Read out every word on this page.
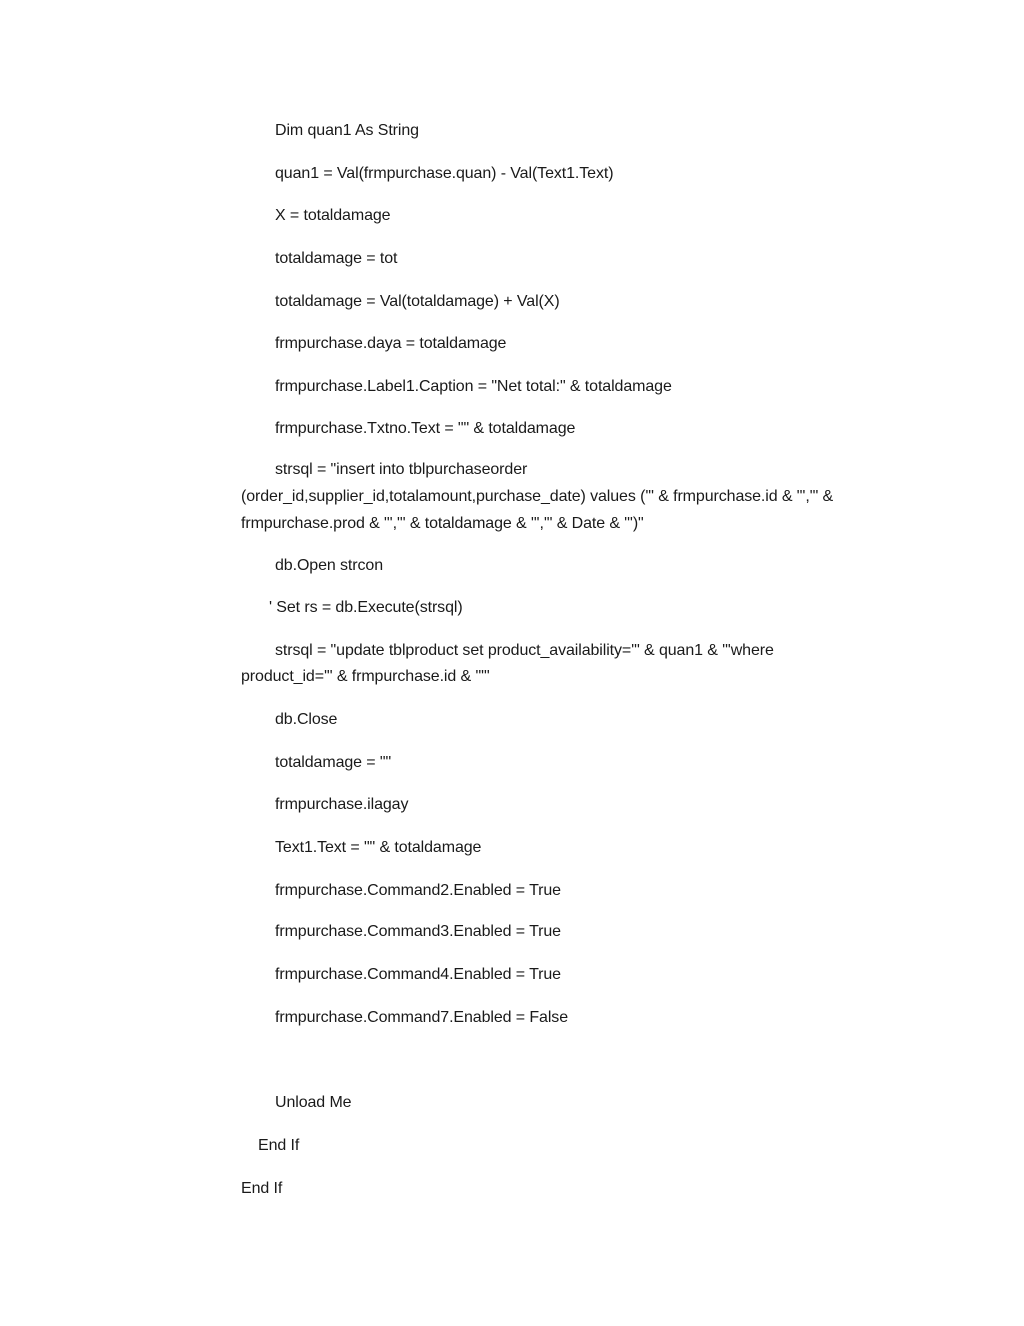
Dim quan1 As String
quan1 = Val(frmpurchase.quan) - Val(Text1.Text)
X = totaldamage
totaldamage = tot
totaldamage = Val(totaldamage) + Val(X)
frmpurchase.daya = totaldamage
frmpurchase.Label1.Caption = "Net total:" & totaldamage
frmpurchase.Txtno.Text = "" & totaldamage
strsql = "insert into tblpurchaseorder
(order_id,supplier_id,totalamount,purchase_date) values ('" & frmpurchase.id & "','" &
frmpurchase.prod & "','" & totaldamage & "','" & Date & "')"
db.Open strcon
' Set rs = db.Execute(strsql)
strsql = "update tblproduct set product_availability='" & quan1 & "'where
product_id='" & frmpurchase.id & "'"
db.Close
totaldamage = ""
frmpurchase.ilagay
Text1.Text = "" & totaldamage
frmpurchase.Command2.Enabled = True
frmpurchase.Command3.Enabled = True
frmpurchase.Command4.Enabled = True
frmpurchase.Command7.Enabled = False
Unload Me
End If
End If
